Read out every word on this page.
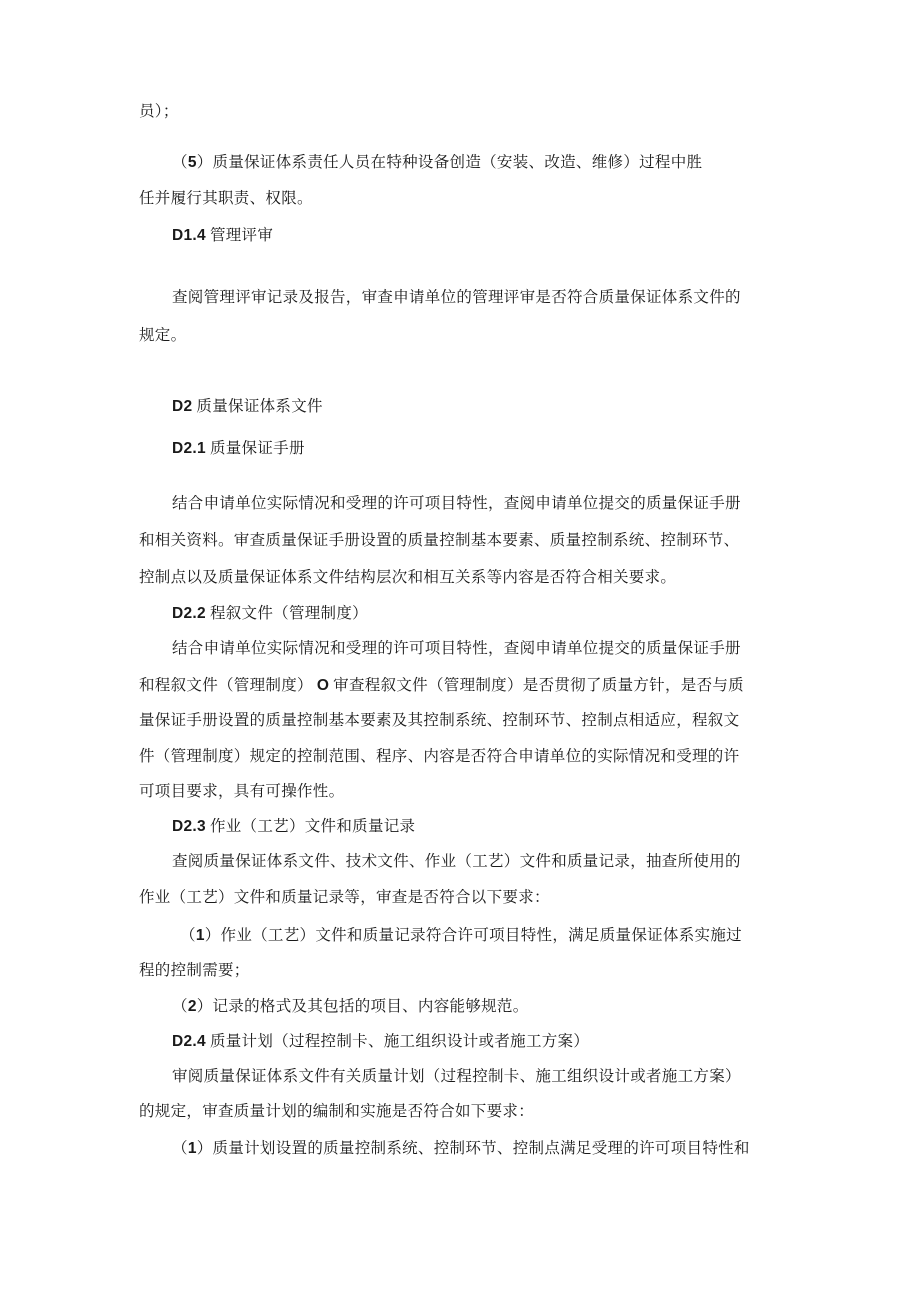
员）；
（5）质量保证体系责任人员在特种设备创造（安装、改造、维修）过程中胜
任并履行其职责、权限。
D1.4 管理评审
查阅管理评审记录及报告，审查申请单位的管理评审是否符合质量保证体系文件的
规定。
D2 质量保证体系文件
D2.1 质量保证手册
结合申请单位实际情况和受理的许可项目特性，查阅申请单位提交的质量保证手册
和相关资料。审查质量保证手册设置的质量控制基本要素、质量控制系统、控制环节、
控制点以及质量保证体系文件结构层次和相互关系等内容是否符合相关要求。
D2.2 程叙文件（管理制度）
结合申请单位实际情况和受理的许可项目特性，查阅申请单位提交的质量保证手册
和程叙文件（管理制度） O 审查程叙文件（管理制度）是否贯彻了质量方针，是否与质
量保证手册设置的质量控制基本要素及其控制系统、控制环节、控制点相适应，程叙文
件（管理制度）规定的控制范围、程序、内容是否符合申请单位的实际情况和受理的许
可项目要求，具有可操作性。
D2.3 作业（工艺）文件和质量记录
查阅质量保证体系文件、技术文件、作业（工艺）文件和质量记录，抽查所使用的
作业（工艺）文件和质量记录等，审查是否符合以下要求：
（1）作业（工艺）文件和质量记录符合许可项目特性，满足质量保证体系实施过
程的控制需要；
（2）记录的格式及其包括的项目、内容能够规范。
D2.4 质量计划（过程控制卡、施工组织设计或者施工方案）
审阅质量保证体系文件有关质量计划（过程控制卡、施工组织设计或者施工方案）
的规定，审查质量计划的编制和实施是否符合如下要求：
（1）质量计划设置的质量控制系统、控制环节、控制点满足受理的许可项目特性和
